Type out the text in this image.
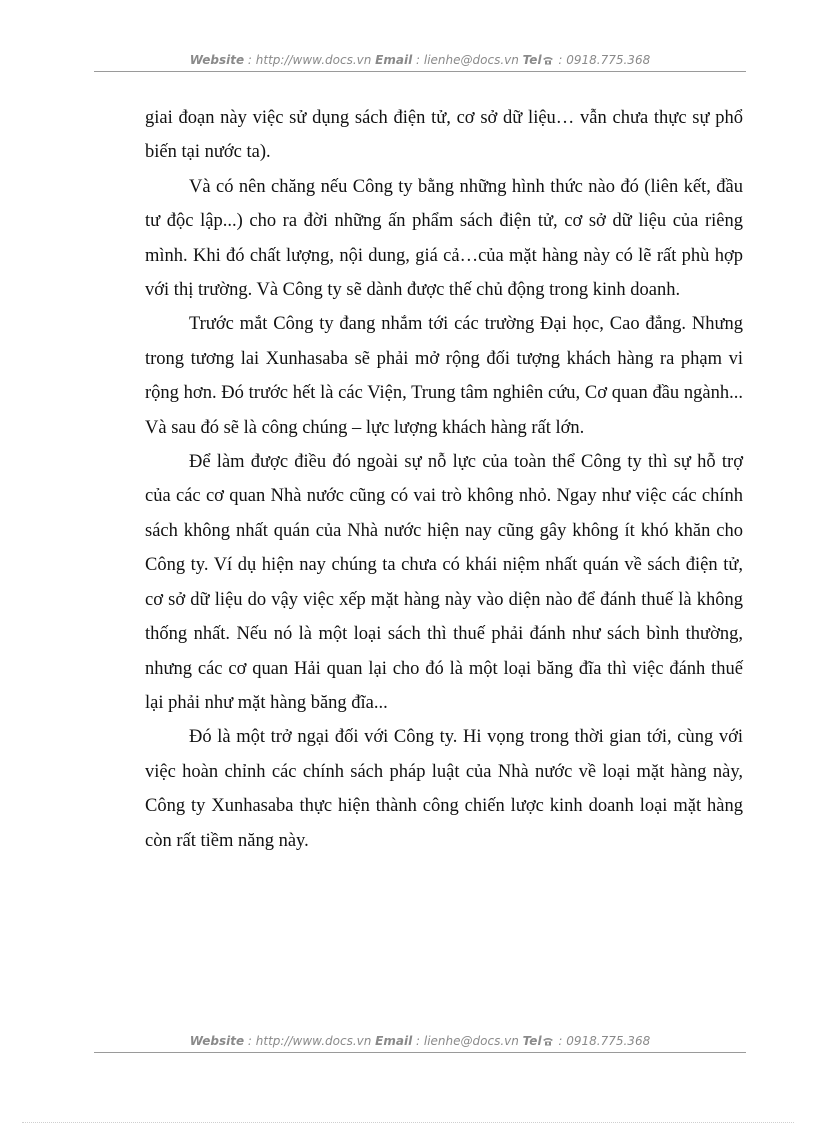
Website : http://www.docs.vn Email : lienhe@docs.vn Tel : 0918.775.368

giai đoạn này việc sử dụng sách điện tử, cơ sở dữ liệu… vẫn chưa thực sự phổ biến tại nước ta).

Và có nên chăng nếu Công ty bằng những hình thức nào đó (liên kết, đầu tư độc lập...) cho ra đời những ấn phẩm sách điện tử, cơ sở dữ liệu của riêng mình. Khi đó chất lượng, nội dung, giá cả…của mặt hàng này có lẽ rất phù hợp với thị trường. Và Công ty sẽ dành được thế chủ động trong kinh doanh.

Trước mắt Công ty đang nhắm tới các trường Đại học, Cao đẳng. Nhưng trong tương lai Xunhasaba sẽ phải mở rộng đối tượng khách hàng ra phạm vi rộng hơn. Đó trước hết là các Viện, Trung tâm nghiên cứu, Cơ quan đầu ngành... Và sau đó sẽ là công chúng – lực lượng khách hàng rất lớn.

Để làm được điều đó ngoài sự nỗ lực của toàn thể Công ty thì sự hỗ trợ của các cơ quan Nhà nước cũng có vai trò không nhỏ. Ngay như việc các chính sách không nhất quán của Nhà nước hiện nay cũng gây không ít khó khăn cho Công ty. Ví dụ hiện nay chúng ta chưa có khái niệm nhất quán về sách điện tử, cơ sở dữ liệu do vậy việc xếp mặt hàng này vào diện nào để đánh thuế là không thống nhất. Nếu nó là một loại sách thì thuế phải đánh như sách bình thường, nhưng các cơ quan Hải quan lại cho đó là một loại băng đĩa thì việc đánh thuế lại phải như mặt hàng băng đĩa...

Đó là một trở ngại đối với Công ty. Hi vọng trong thời gian tới, cùng với việc hoàn chỉnh các chính sách pháp luật của Nhà nước về loại mặt hàng này, Công ty Xunhasaba thực hiện thành công chiến lược kinh doanh loại mặt hàng còn rất tiềm năng này.

Website : http://www.docs.vn Email : lienhe@docs.vn Tel : 0918.775.368
